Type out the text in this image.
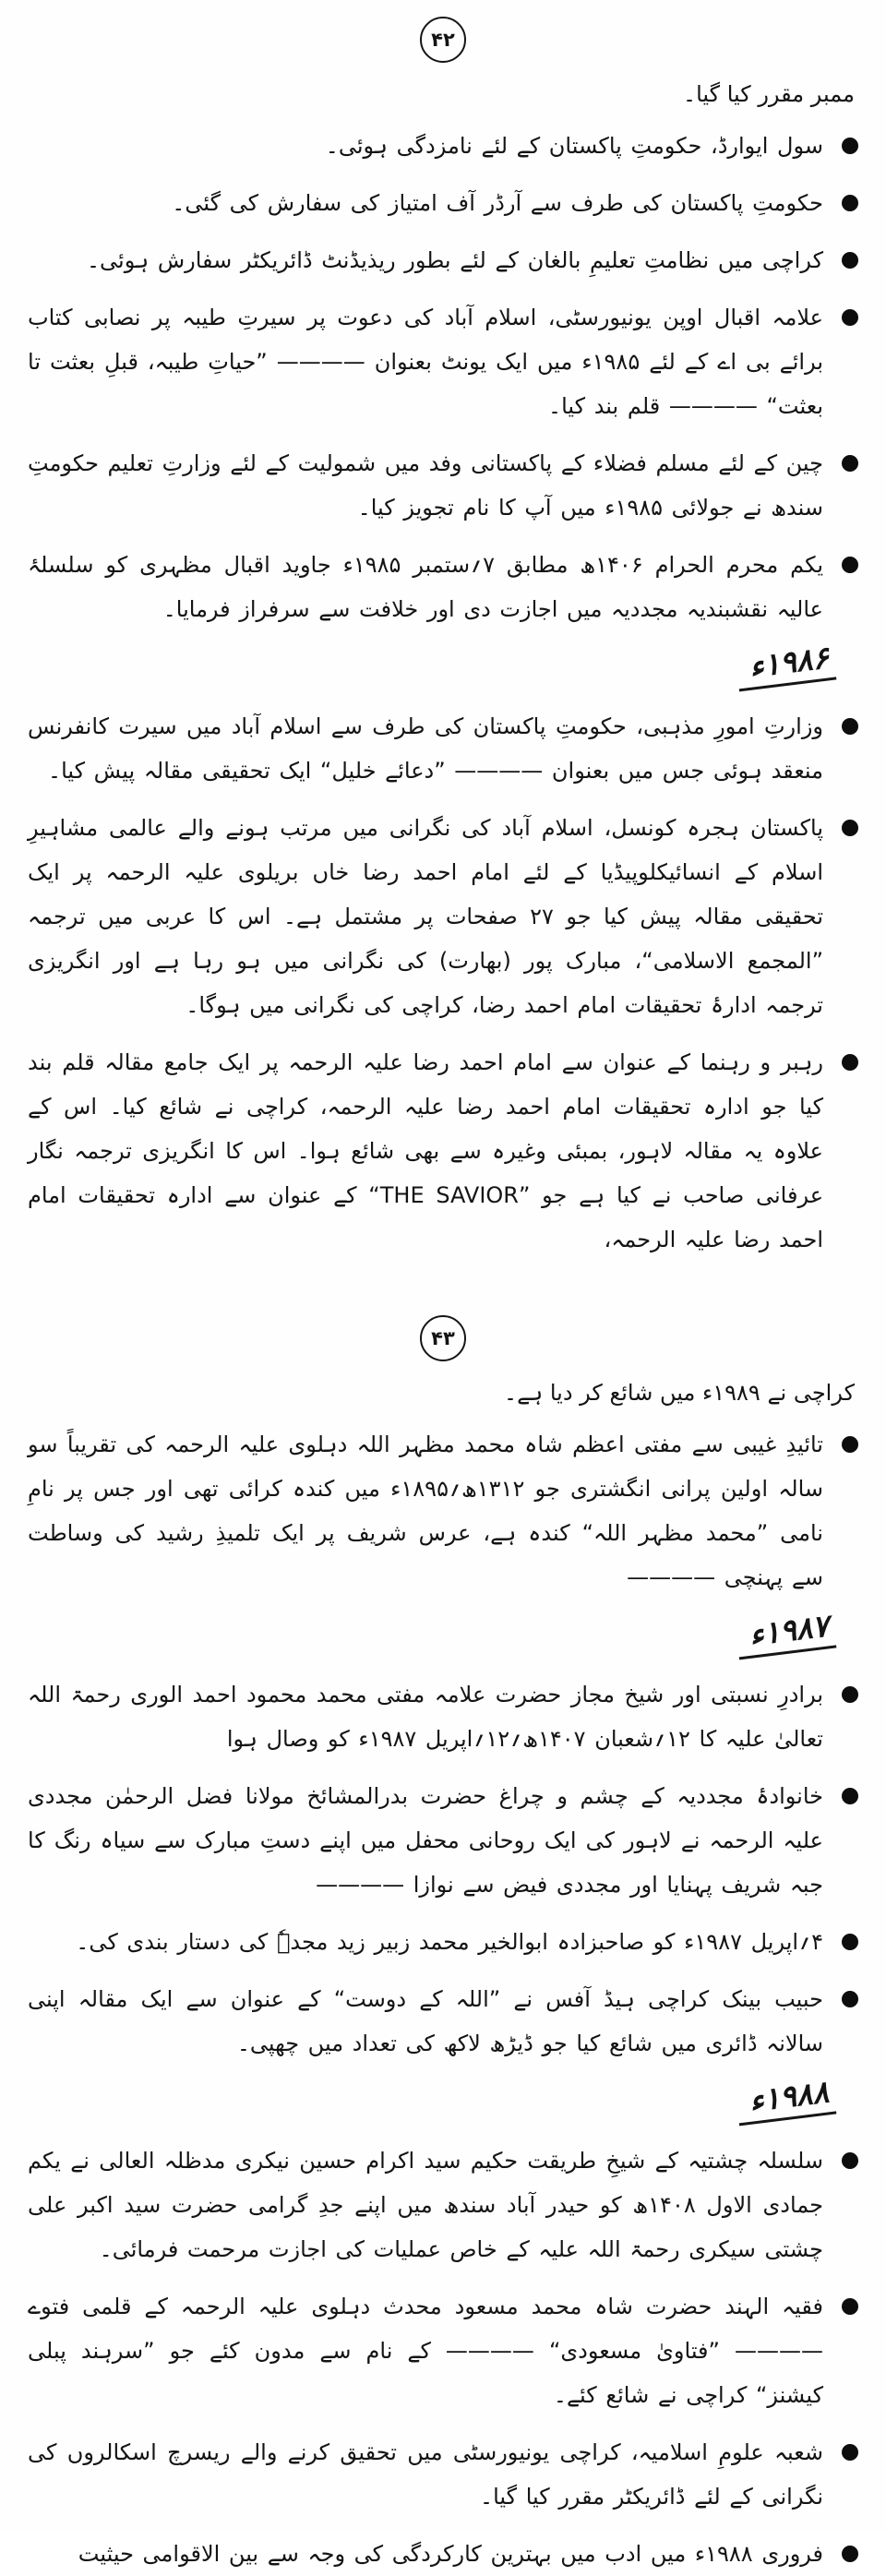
۴۲

ممبر مقرر کیا گیا۔

سول ایوارڈ، حکومتِ پاکستان کے لئے نامزدگی ہوئی۔

حکومتِ پاکستان کی طرف سے آرڈر آف امتیاز کی سفارش کی گئی۔

کراچی میں نظامتِ تعلیمِ بالغان کے لئے بطور ریذیڈنٹ ڈائریکٹر سفارش ہوئی۔

علامہ اقبال اوپن یونیورسٹی، اسلام آباد کی دعوت پر سیرتِ طیبہ پر نصابی کتاب برائے بی اے کے لئے ۱۹۸۵ء میں ایک یونٹ بعنوان ———— ”حیاتِ طیبہ، قبلِ بعثت تا بعثت“ ———— قلم بند کیا۔

چین کے لئے مسلم فضلاء کے پاکستانی وفد میں شمولیت کے لئے وزارتِ تعلیم حکومتِ سندھ نے جولائی ۱۹۸۵ء میں آپ کا نام تجویز کیا۔

یکم محرم الحرام ۱۴۰۶ھ مطابق ۷؍ستمبر ۱۹۸۵ء جاوید اقبال مظہری کو سلسلۂ عالیہ نقشبندیہ مجددیہ میں اجازت دی اور خلافت سے سرفراز فرمایا۔

۱۹۸۶ء

وزارتِ امورِ مذہبی، حکومتِ پاکستان کی طرف سے اسلام آباد میں سیرت کانفرنس منعقد ہوئی جس میں بعنوان ———— ”دعائے خلیل“ ایک تحقیقی مقالہ پیش کیا۔

پاکستان ہجرہ کونسل، اسلام آباد کی نگرانی میں مرتب ہونے والے عالمی مشاہیرِ اسلام کے انسائیکلوپیڈیا کے لئے امام احمد رضا خاں بریلوی علیہ الرحمہ پر ایک تحقیقی مقالہ پیش کیا جو ۲۷ صفحات پر مشتمل ہے۔ اس کا عربی میں ترجمہ ”المجمع الاسلامی“، مبارک پور (بھارت) کی نگرانی میں ہو رہا ہے اور انگریزی ترجمہ ادارۂ تحقیقات امام احمد رضا، کراچی کی نگرانی میں ہوگا۔

رہبر و رہنما کے عنوان سے امام احمد رضا علیہ الرحمہ پر ایک جامع مقالہ قلم بند کیا جو ادارہ تحقیقات امام احمد رضا علیہ الرحمہ، کراچی نے شائع کیا۔ اس کے علاوہ یہ مقالہ لاہور، بمبئی وغیرہ سے بھی شائع ہوا۔ اس کا انگریزی ترجمہ نگار عرفانی صاحب نے کیا ہے جو ”THE SAVIOR“ کے عنوان سے ادارہ تحقیقات امام احمد رضا علیہ الرحمہ،

۴۳

کراچی نے ۱۹۸۹ء میں شائع کر دیا ہے۔

تائیدِ غیبی سے مفتی اعظم شاہ محمد مظہر اللہ دہلوی علیہ الرحمہ کی تقریباً سو سالہ اولین پرانی انگشتری جو ۱۳۱۲ھ؍۱۸۹۵ء میں کندہ کرائی تھی اور جس پر نامِ نامی ”محمد مظہر اللہ“ کندہ ہے، عرس شریف پر ایک تلمیذِ رشید کی وساطت سے پہنچی ————

۱۹۸۷ء

برادرِ نسبتی اور شیخ مجاز حضرت علامہ مفتی محمد محمود احمد الوری رحمۃ اللہ تعالیٰ علیہ کا ۱۲؍شعبان ۱۴۰۷ھ؍۱۲؍اپریل ۱۹۸۷ء کو وصال ہوا

خانوادۂ مجددیہ کے چشم و چراغ حضرت بدرالمشائخ مولانا فضل الرحمٰن مجددی علیہ الرحمہ نے لاہور کی ایک روحانی محفل میں اپنے دستِ مبارک سے سیاہ رنگ کا جبہ شریف پہنایا اور مجددی فیض سے نوازا ————

۴؍اپریل ۱۹۸۷ء کو صاحبزادہ ابوالخیر محمد زبیر زید مجدہٗ کی دستار بندی کی۔

حبیب بینک کراچی ہیڈ آفس نے ”اللہ کے دوست“ کے عنوان سے ایک مقالہ اپنی سالانہ ڈائری میں شائع کیا جو ڈیڑھ لاکھ کی تعداد میں چھپی۔

۱۹۸۸ء

سلسلہ چشتیہ کے شیخِ طریقت حکیم سید اکرام حسین نیکری مدظلہ العالی نے یکم جمادی الاول ۱۴۰۸ھ کو حیدر آباد سندھ میں اپنے جدِ گرامی حضرت سید اکبر علی چشتی سیکری رحمۃ اللہ علیہ کے خاص عملیات کی اجازت مرحمت فرمائی۔

فقیہ الہند حضرت شاہ محمد مسعود محدث دہلوی علیہ الرحمہ کے قلمی فتوے ———— ”فتاویٰ مسعودی“ ———— کے نام سے مدون کئے جو ”سرہند پبلی کیشنز“ کراچی نے شائع کئے۔

شعبہ علومِ اسلامیہ، کراچی یونیورسٹی میں تحقیق کرنے والے ریسرچ اسکالروں کی نگرانی کے لئے ڈائریکٹر مقرر کیا گیا۔

فروری ۱۹۸۸ء میں ادب میں بہترین کارکردگی کی وجہ سے بین الاقوامی حیثیت
